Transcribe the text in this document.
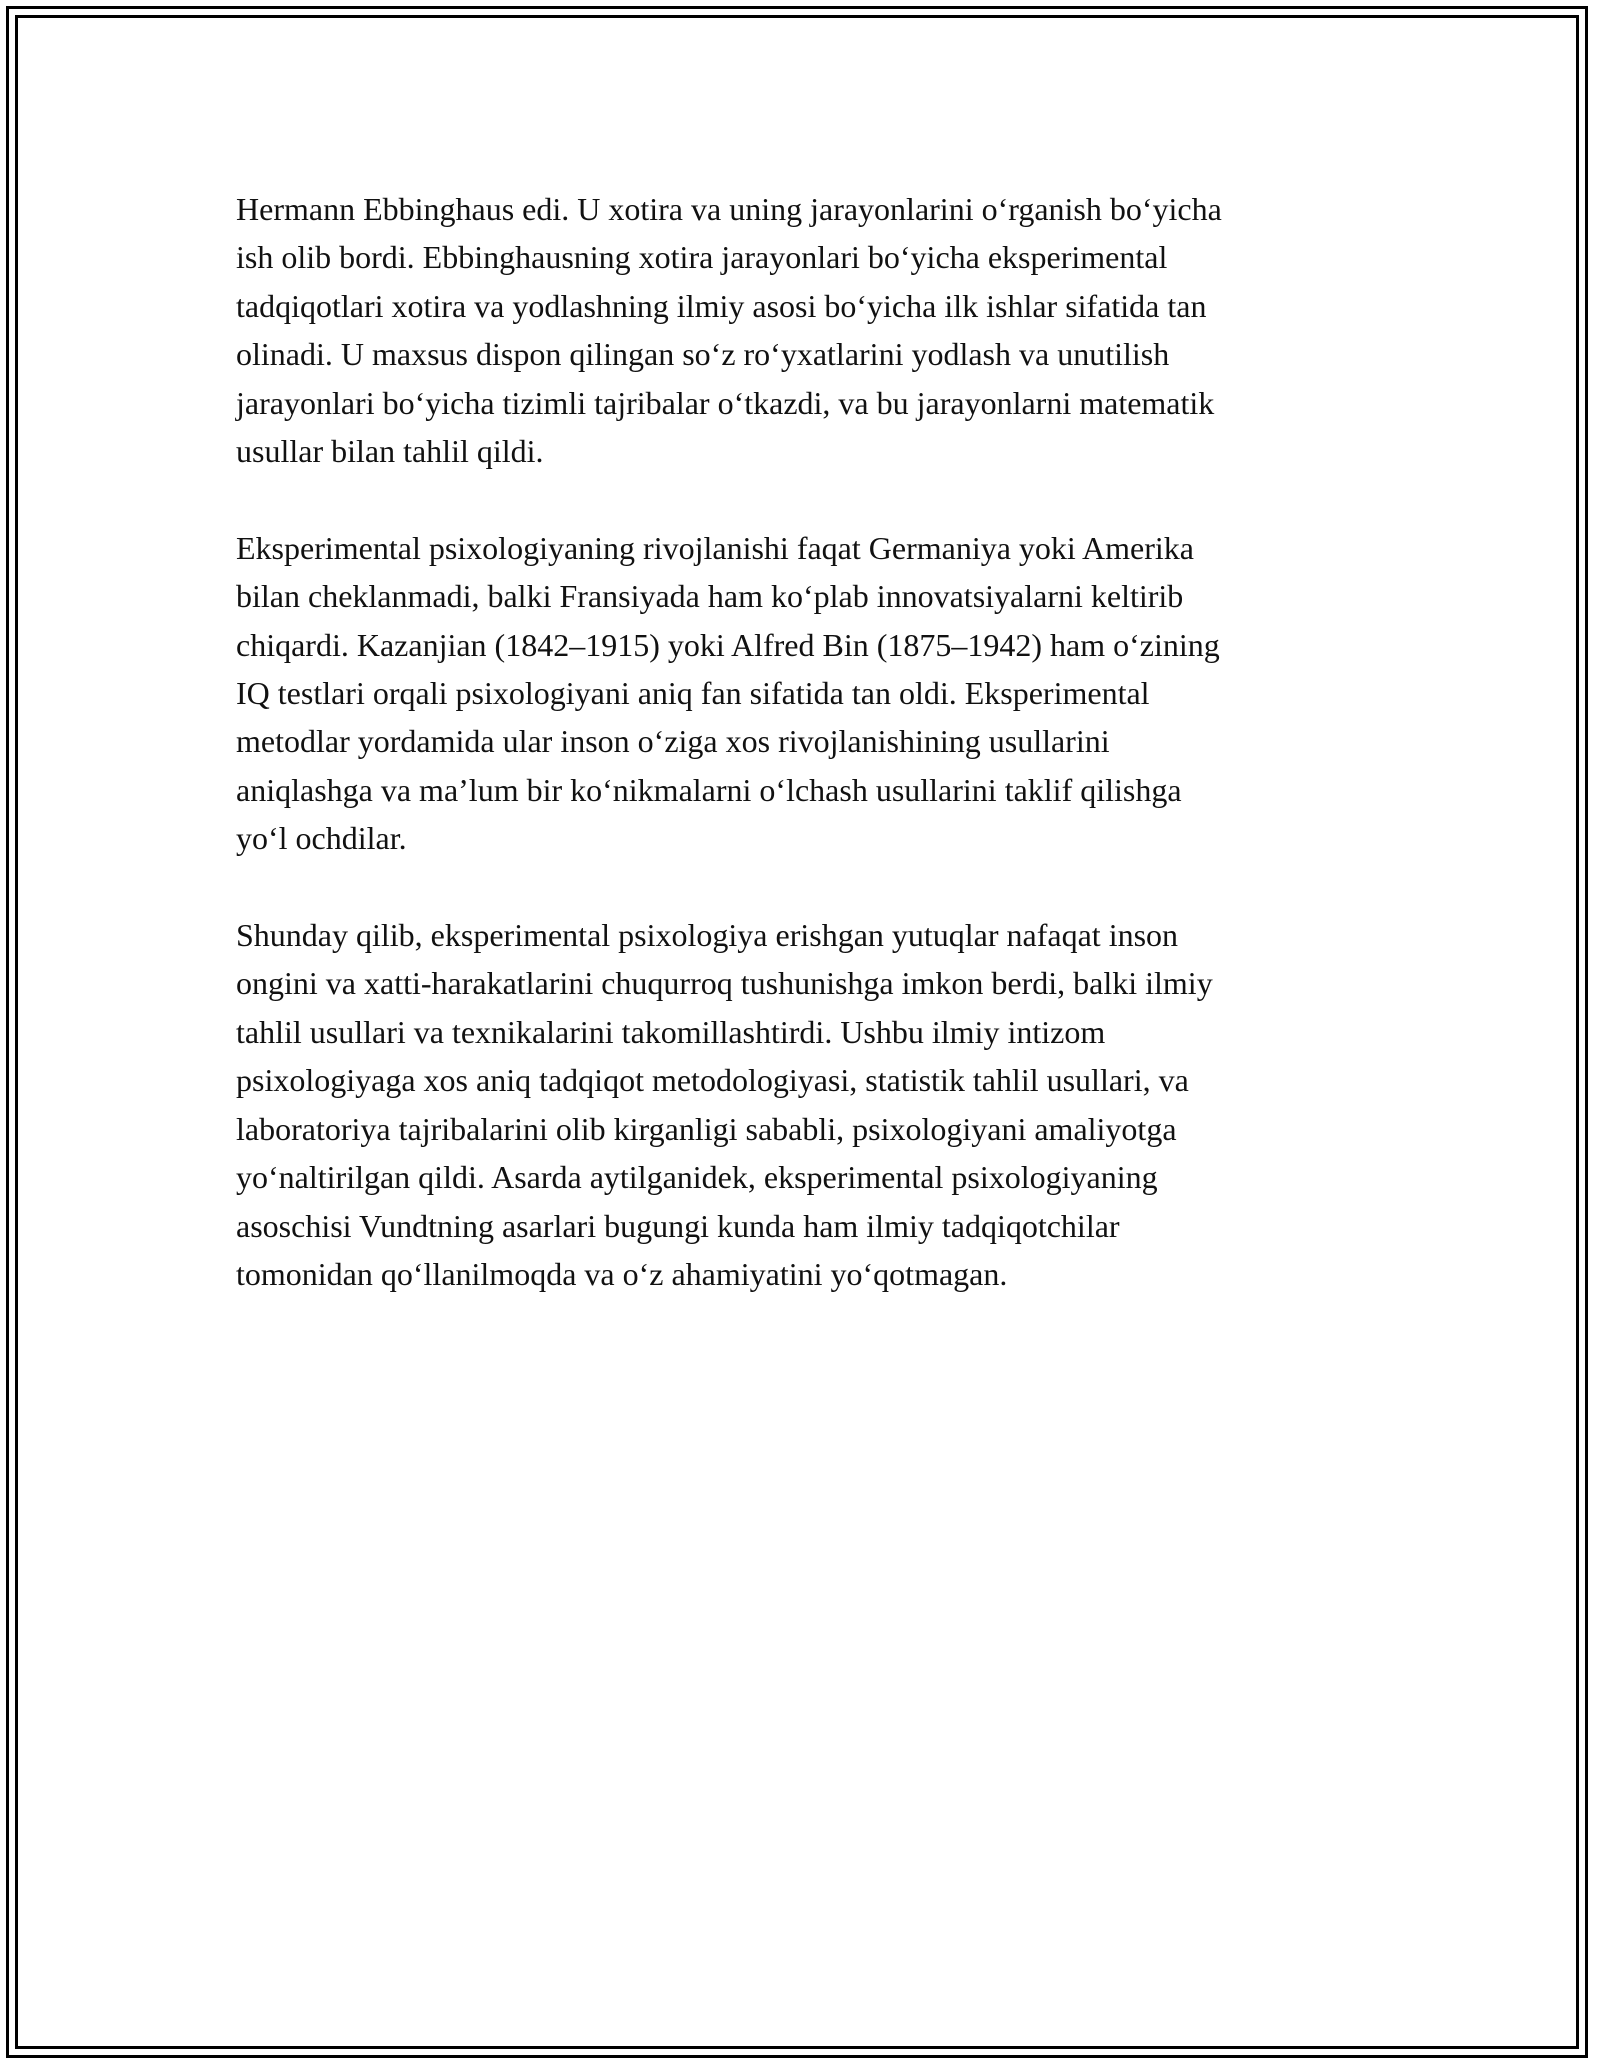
Hermann Ebbinghaus edi. U xotira va uning jarayonlarini o‘rganish bo‘yicha
ish olib bordi. Ebbinghausning xotira jarayonlari bo‘yicha eksperimental
tadqiqotlari xotira va yodlashning ilmiy asosi bo‘yicha ilk ishlar sifatida tan
olinadi. U maxsus dispon qilingan so‘z ro‘yxatlarini yodlash va unutilish
jarayonlari bo‘yicha tizimli tajribalar o‘tkazdi, va bu jarayonlarni matematik
usullar bilan tahlil qildi.

Eksperimental psixologiyaning rivojlanishi faqat Germaniya yoki Amerika
bilan cheklanmadi, balki Fransiyada ham ko‘plab innovatsiyalarni keltirib
chiqardi. Kazanjian (1842–1915) yoki Alfred Bin (1875–1942) ham o‘zining
IQ testlari orqali psixologiyani aniq fan sifatida tan oldi. Eksperimental
metodlar yordamida ular inson o‘ziga xos rivojlanishining usullarini
aniqlashga va ma’lum bir ko‘nikmalarni o‘lchash usullarini taklif qilishga
yo‘l ochdilar.

Shunday qilib, eksperimental psixologiya erishgan yutuqlar nafaqat inson
ongini va xatti-harakatlarini chuqurroq tushunishga imkon berdi, balki ilmiy
tahlil usullari va texnikalarini takomillashtirdi. Ushbu ilmiy intizom
psixologiyaga xos aniq tadqiqot metodologiyasi, statistik tahlil usullari, va
laboratoriya tajribalarini olib kirganligi sababli, psixologiyani amaliyotga
yo‘naltirilgan qildi. Asarda aytilganidek, eksperimental psixologiyaning
asoschisi Vundtning asarlari bugungi kunda ham ilmiy tadqiqotchilar
tomonidan qo‘llanilmoqda va o‘z ahamiyatini yo‘qotmagan.
